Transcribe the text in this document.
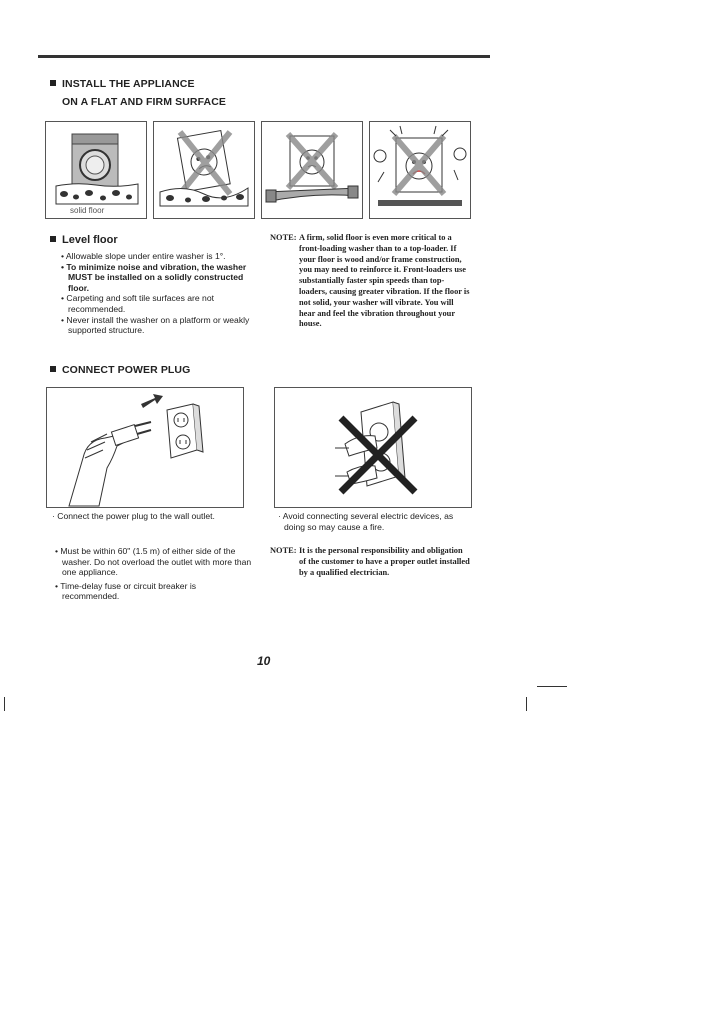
INSTALL THE APPLIANCE
ON A FLAT AND FIRM SURFACE
solid floor
Level floor
• Allowable slope under entire washer is 1°.
• To minimize noise and vibration, the washer MUST be installed on a solidly constructed floor.
• Carpeting and soft tile surfaces are not recommended.
• Never install the washer on a platform or weakly supported structure.
NOTE: A firm, solid floor is even more critical to a front-loading washer than to a top-loader. If your floor is wood and/or frame construction, you may need to reinforce it. Front-loaders use substantially faster spin speeds than top-loaders, causing greater vibration. If the floor is not solid, your washer will vibrate. You will hear and feel the vibration throughout your house.
CONNECT POWER PLUG
· Connect the power plug to the wall outlet.	· Avoid connecting several electric devices, as doing so may cause a fire.
• Must be within 60" (1.5 m) of either side of the washer. Do not overload the outlet with more than one appliance.
• Time-delay fuse or circuit breaker is recommended.
NOTE: It is the personal responsibility and obligation of the customer to have a proper outlet installed by a qualified electrician.
10
